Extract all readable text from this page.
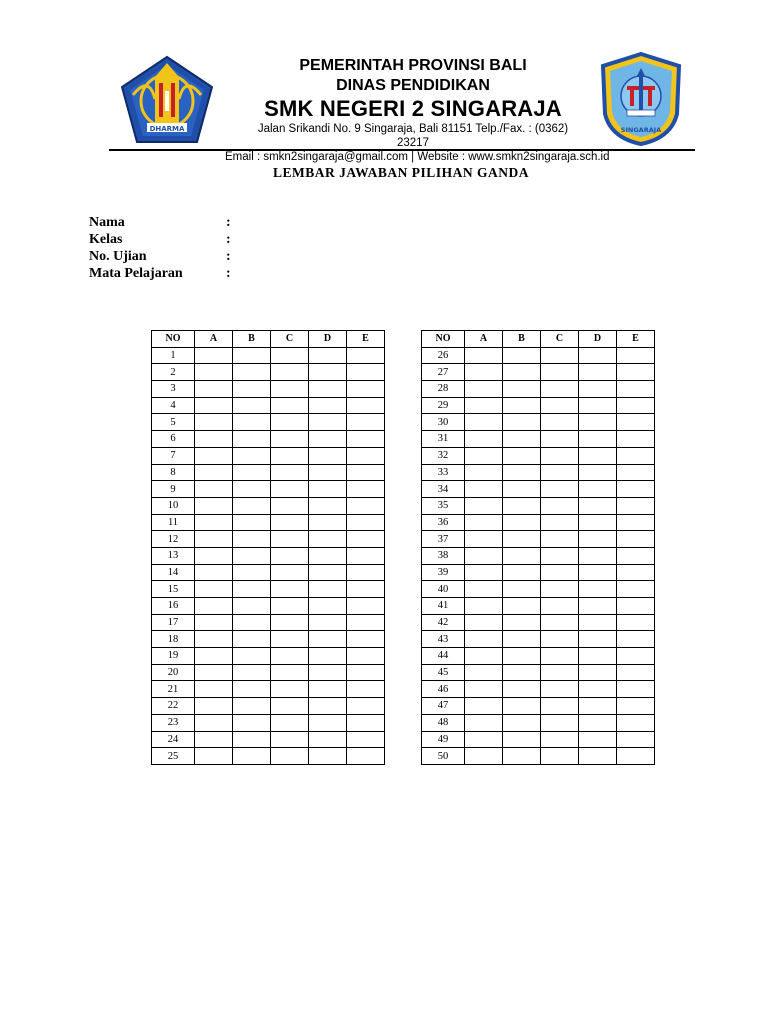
DHARMA	SINGARAJA
PEMERINTAH PROVINSI BALI
DINAS PENDIDIKAN
SMK NEGERI 2 SINGARAJA
Jalan Srikandi No. 9 Singaraja, Bali 81151 Telp./Fax. : (0362) 23217
Email : smkn2singaraja@gmail.com | Website : www.smkn2singaraja.sch.id
LEMBAR JAWABAN PILIHAN GANDA
Nama	:
Kelas	:
No. Ujian	:
Mata Pelajaran	:
NO	A	B	C	D	E
1					
2					
3					
4					
5					
6					
7					
8					
9					
10					
11					
12					
13					
14					
15					
16					
17					
18					
19					
20					
21					
22					
23					
24					
25					
NO	A	B	C	D	E
26					
27					
28					
29					
30					
31					
32					
33					
34					
35					
36					
37					
38					
39					
40					
41					
42					
43					
44					
45					
46					
47					
48					
49					
50					
